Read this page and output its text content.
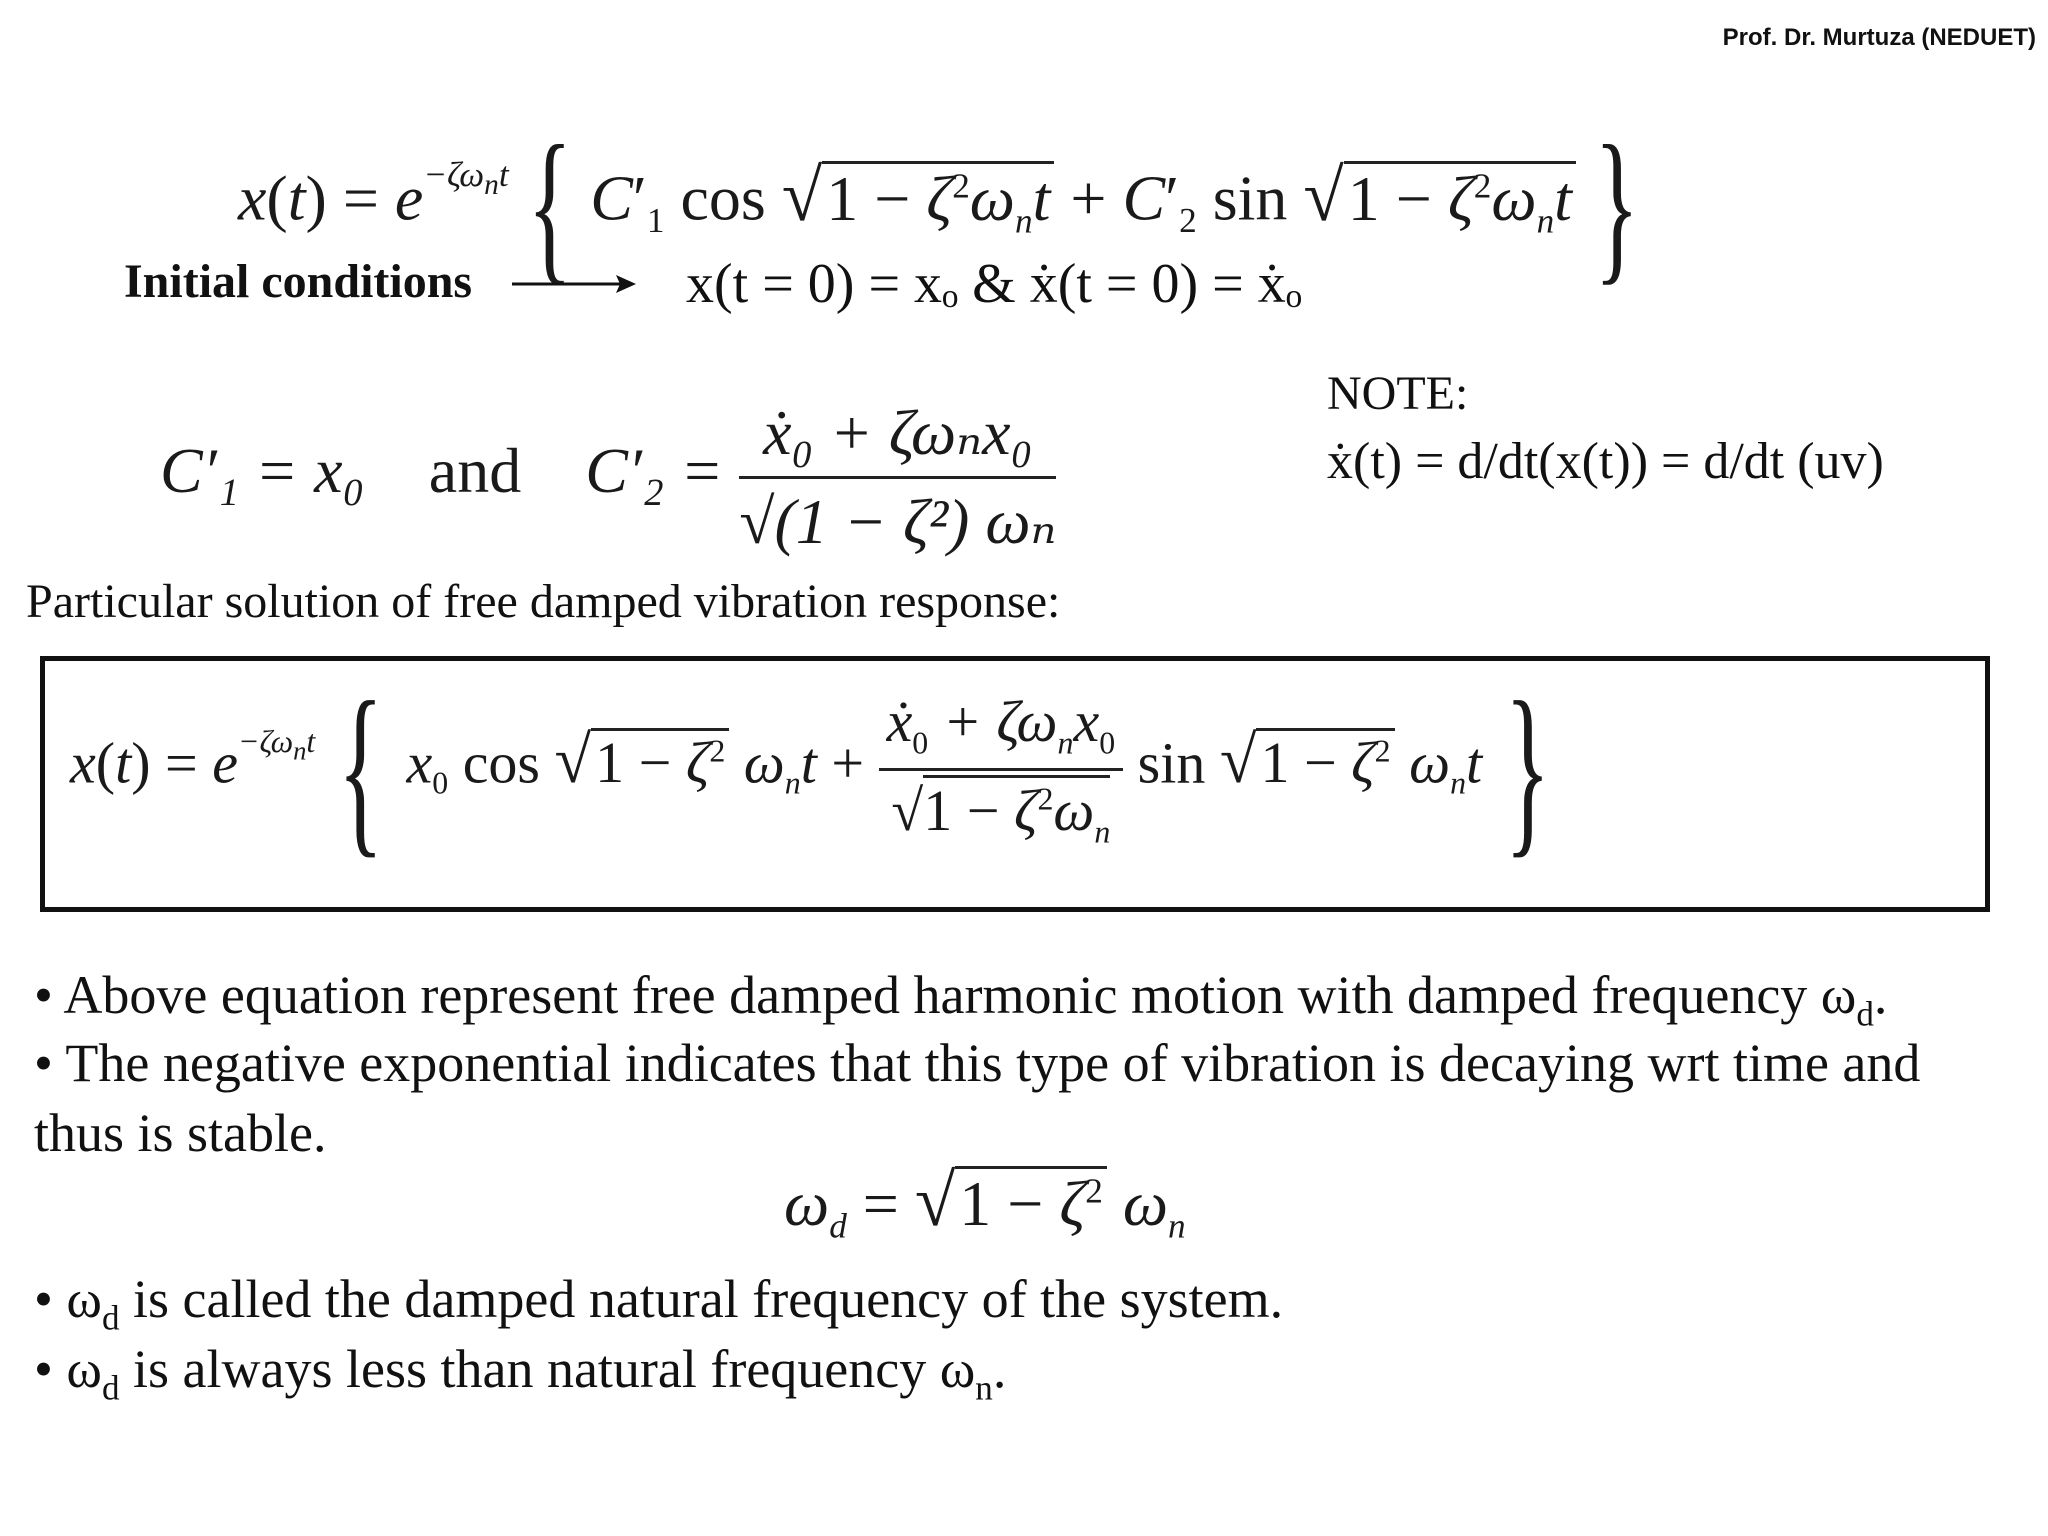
Prof. Dr. Murtuza (NEDUET)
$x(t) = e^{-\zeta\omega_nt}$ { $C'_1$ $\cos √1 - \zeta^2\omega_nt + C'_2$ $\sin √1 - \zeta^2\omega_nt$ }
Initial conditions	x(t = 0) = xₒ & ẋ(t = 0) = ẋₒ
C′₁ = x₀ and $C'_2 = \frac{\text{ẋ₀ + ζωₙx₀}}{\text{√(1 − ζ²) ωₙ}}$
NOTE:
ẋ(t) = d/dt(x(t)) = d/dt (uv)
Particular solution of free damped vibration response:
$x(t) = e^{-\zeta\omega_nt}$ { $x_0$ $\cos √1 - \zeta^2$ $\omega_nt + \frac{ẋ_0 + \zeta\omega_nx_0}{√1 - \zeta^2\omega_n}$ $\sin √1 - \zeta^2$ $\omega_nt$ }
• Above equation represent free damped harmonic motion with damped frequency $\omega_d$.
• The negative exponential indicates that this type of vibration is decaying wrt time and
thus is stable.
$\omega_d = √1 - \zeta^2$ $\omega_n$
• $\omega_d$ is called the damped natural frequency of the system.
• $\omega_d$ is always less than natural frequency $\omega_n$.
